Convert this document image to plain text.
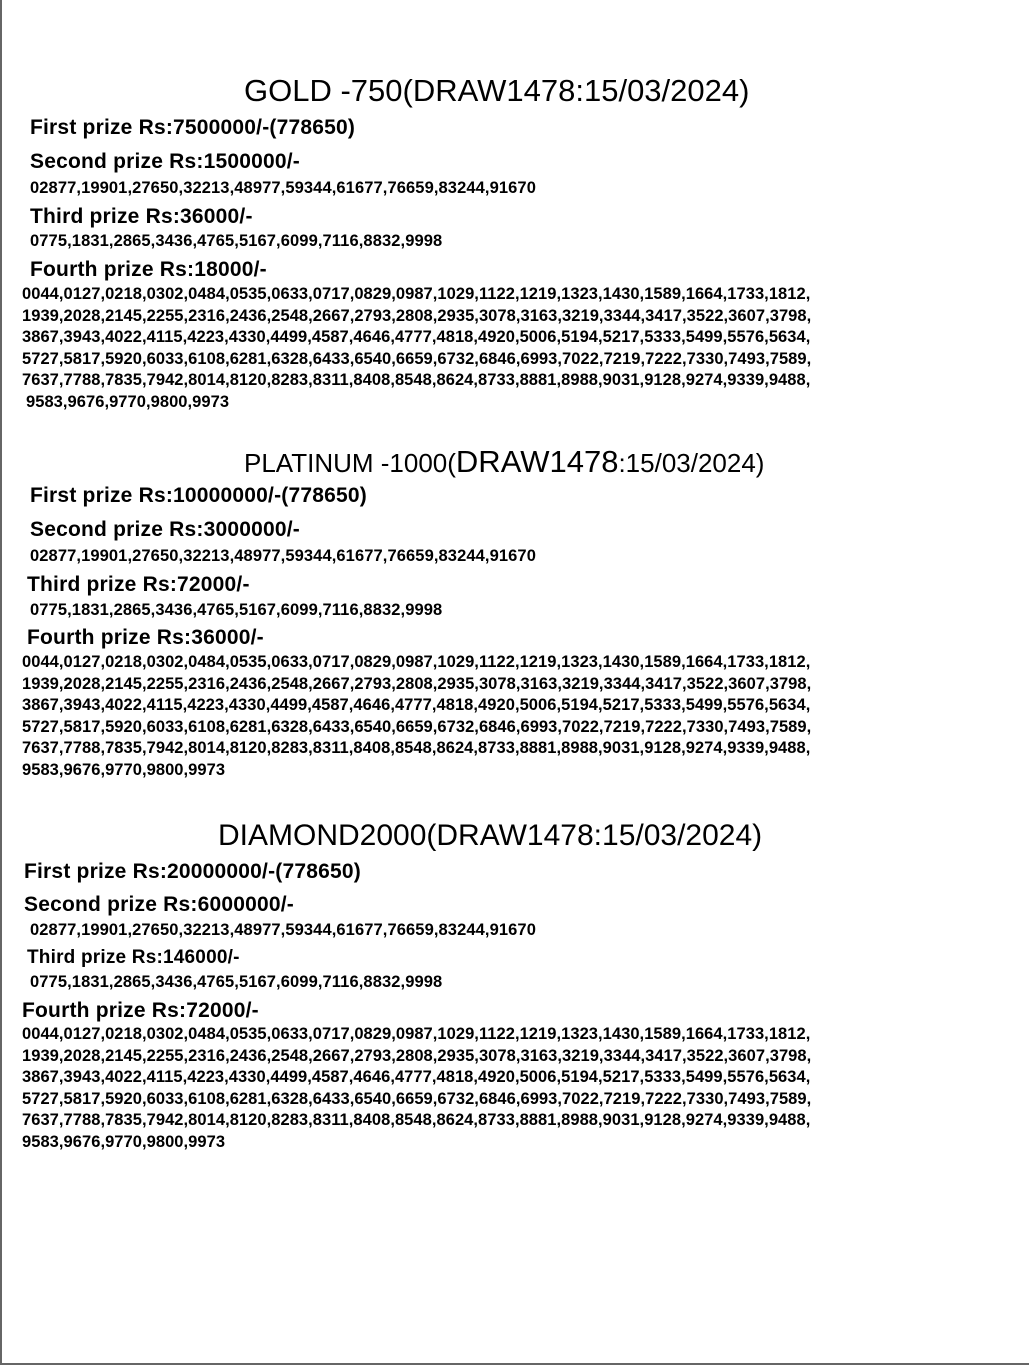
GOLD -750(DRAW1478:15/03/2024)
First prize Rs:7500000/-(778650)
Second prize Rs:1500000/-
02877,19901,27650,32213,48977,59344,61677,76659,83244,91670
Third prize Rs:36000/-
0775,1831,2865,3436,4765,5167,6099,7116,8832,9998
Fourth prize Rs:18000/-
0044,0127,0218,0302,0484,0535,0633,0717,0829,0987,1029,1122,1219,1323,1430,1589,1664,1733,1812,
1939,2028,2145,2255,2316,2436,2548,2667,2793,2808,2935,3078,3163,3219,3344,3417,3522,3607,3798,
3867,3943,4022,4115,4223,4330,4499,4587,4646,4777,4818,4920,5006,5194,5217,5333,5499,5576,5634,
5727,5817,5920,6033,6108,6281,6328,6433,6540,6659,6732,6846,6993,7022,7219,7222,7330,7493,7589,
7637,7788,7835,7942,8014,8120,8283,8311,8408,8548,8624,8733,8881,8988,9031,9128,9274,9339,9488,
9583,9676,9770,9800,9973
PLATINUM -1000(DRAW1478:15/03/2024)
First prize Rs:10000000/-(778650)
Second prize Rs:3000000/-
02877,19901,27650,32213,48977,59344,61677,76659,83244,91670
Third prize Rs:72000/-
0775,1831,2865,3436,4765,5167,6099,7116,8832,9998
Fourth prize Rs:36000/-
0044,0127,0218,0302,0484,0535,0633,0717,0829,0987,1029,1122,1219,1323,1430,1589,1664,1733,1812,
1939,2028,2145,2255,2316,2436,2548,2667,2793,2808,2935,3078,3163,3219,3344,3417,3522,3607,3798,
3867,3943,4022,4115,4223,4330,4499,4587,4646,4777,4818,4920,5006,5194,5217,5333,5499,5576,5634,
5727,5817,5920,6033,6108,6281,6328,6433,6540,6659,6732,6846,6993,7022,7219,7222,7330,7493,7589,
7637,7788,7835,7942,8014,8120,8283,8311,8408,8548,8624,8733,8881,8988,9031,9128,9274,9339,9488,
9583,9676,9770,9800,9973
DIAMOND2000(DRAW1478:15/03/2024)
First prize Rs:20000000/-(778650)
Second prize Rs:6000000/-
02877,19901,27650,32213,48977,59344,61677,76659,83244,91670
Third prize Rs:146000/-
0775,1831,2865,3436,4765,5167,6099,7116,8832,9998
Fourth prize Rs:72000/-
0044,0127,0218,0302,0484,0535,0633,0717,0829,0987,1029,1122,1219,1323,1430,1589,1664,1733,1812,
1939,2028,2145,2255,2316,2436,2548,2667,2793,2808,2935,3078,3163,3219,3344,3417,3522,3607,3798,
3867,3943,4022,4115,4223,4330,4499,4587,4646,4777,4818,4920,5006,5194,5217,5333,5499,5576,5634,
5727,5817,5920,6033,6108,6281,6328,6433,6540,6659,6732,6846,6993,7022,7219,7222,7330,7493,7589,
7637,7788,7835,7942,8014,8120,8283,8311,8408,8548,8624,8733,8881,8988,9031,9128,9274,9339,9488,
9583,9676,9770,9800,9973
